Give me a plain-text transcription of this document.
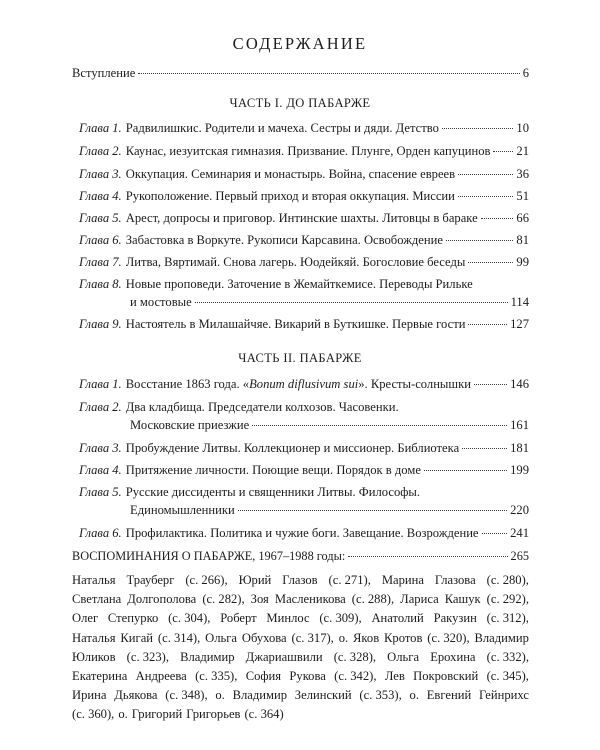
СОДЕРЖАНИЕ
Вступление	6
ЧАСТЬ I. ДО ПАБАРЖЕ
Глава 1. Радвилишкис. Родители и мачеха. Сестры и дяди. Детство	10
Глава 2. Каунас, иезуитская гимназия. Призвание. Плунге, Орден капуцинов 21
Глава 3. Оккупация. Семинария и монастырь. Война, спасение евреев	36
Глава 4. Рукоположение. Первый приход и вторая оккупация. Миссии	51
Глава 5. Арест, допросы и приговор. Интинские шахты. Литовцы в бараке	66
Глава 6. Забастовка в Воркуте. Рукописи Карсавина. Освобождение	81
Глава 7. Литва, Вяртимай. Снова лагерь. Юодейкяй. Богословие беседы	99
Глава 8. Новые проповеди. Заточение в Жемайткемисе. Переводы Рильке
и мостовые	114
Глава 9. Настоятель в Милашайчяе. Викарий в Буткишке. Первые гости	127
ЧАСТЬ II. ПАБАРЖЕ
Глава 1. Восстание 1863 года. «Bonum diflusivum sui». Кресты-солнышки	146
Глава 2. Два кладбища. Председатели колхозов. Часовенки.
Московские приезжие	161
Глава 3. Пробуждение Литвы. Коллекционер и миссионер. Библиотека	181
Глава 4. Притяжение личности. Поющие вещи. Порядок в доме	199
Глава 5. Русские диссиденты и священники Литвы. Философы.
Единомышленники	220
Глава 6. Профилактика. Политика и чужие боги. Завещание. Возрождение	241
ВОСПОМИНАНИЯ О ПАБАРЖЕ, 1967–1988 годы:	265
Наталья Трауберг (с. 266), Юрий Глазов (с. 271), Марина Глазова (с. 280),
Светлана Долгополова (с. 282), Зоя Масленикова (с. 288), Лариса Кашук (с. 292),
Олег Степурко (с. 304), Роберт Минлос (с. 309), Анатолий Ракузин (с. 312),
Наталья Кигай (с. 314), Ольга Обухова (с. 317), о. Яков Кротов (с. 320), Владимир
Юликов (с. 323), Владимир Джариашвили (с. 328), Ольга Ерохина (с. 332),
Екатерина Андреева (с. 335), София Рукова (с. 342), Лев Покровский (с. 345),
Ирина Дьякова (с. 348), о. Владимир Зелинский (с. 353), о. Евгений Гейнрихс
(с. 360), о. Григорий Григорьев (с. 364)
